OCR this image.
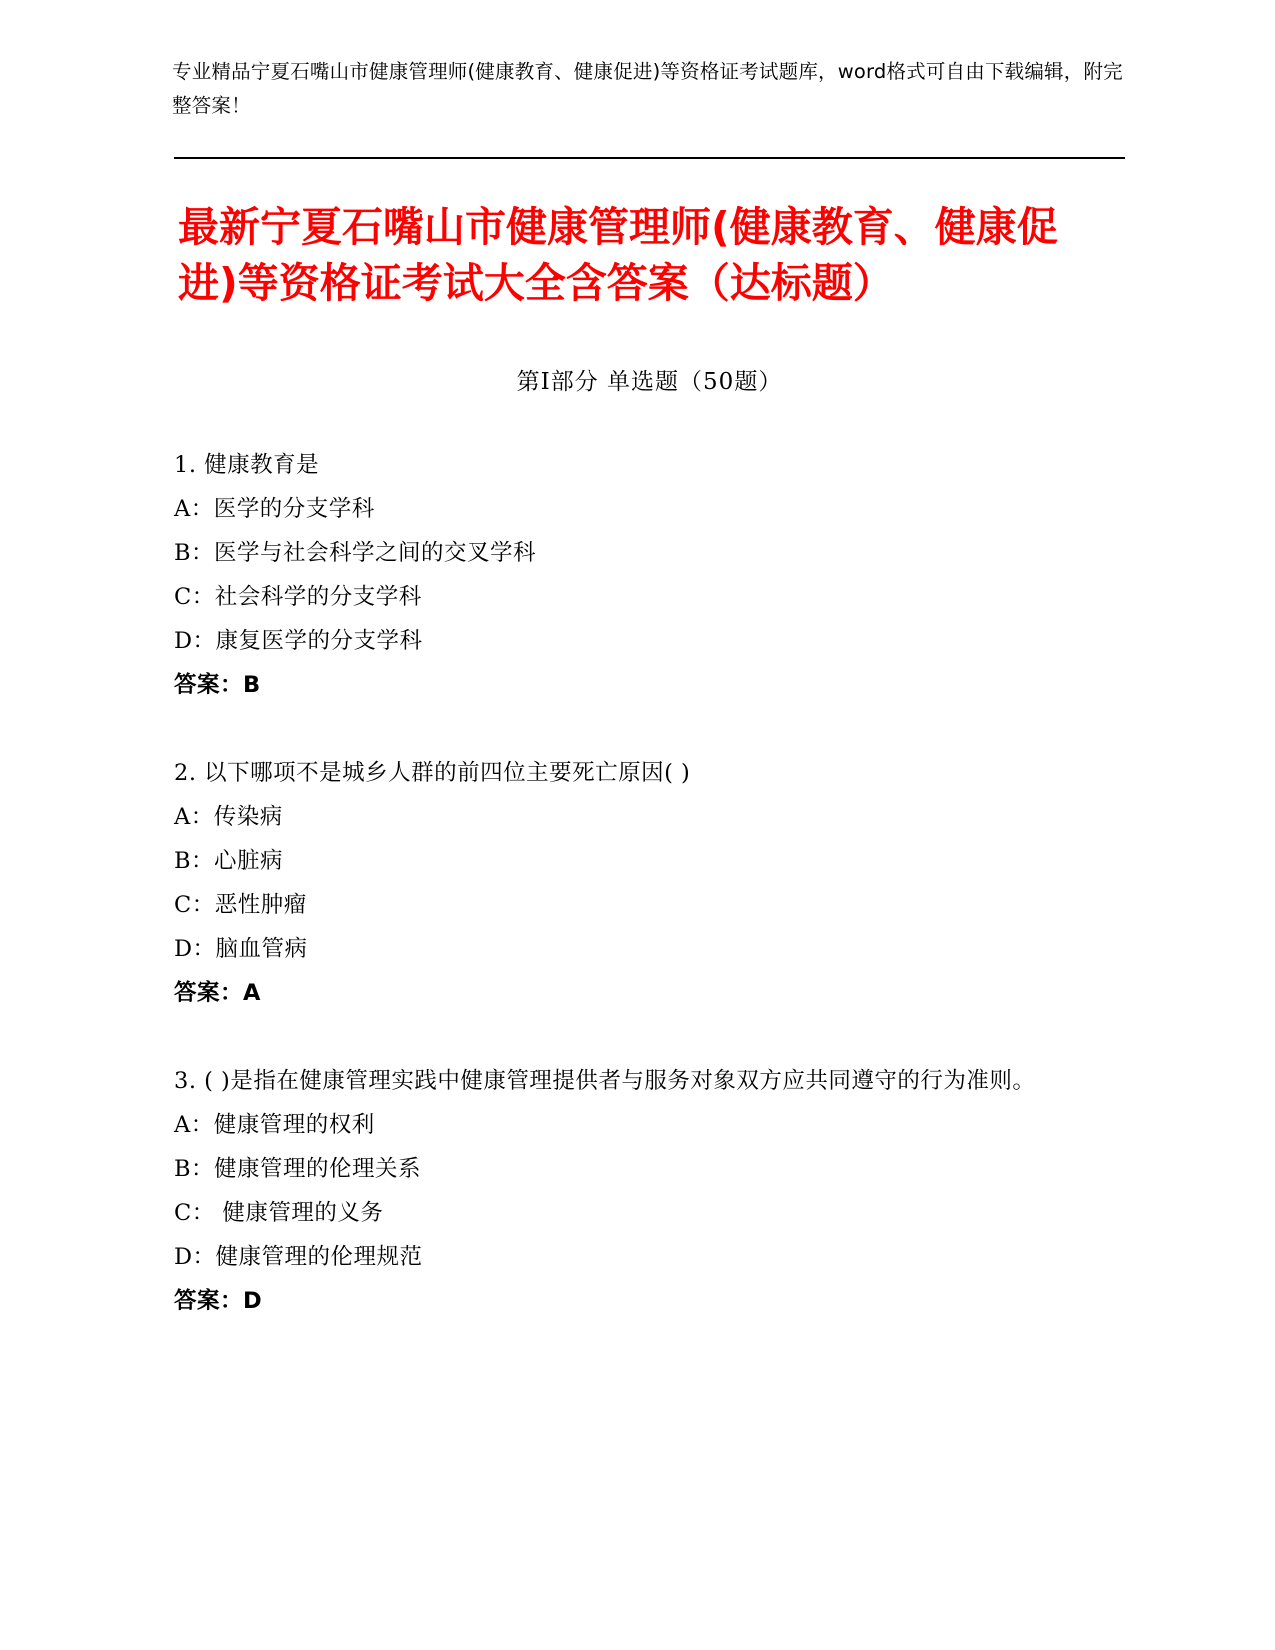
专业精品宁夏石嘴山市健康管理师(健康教育、健康促进)等资格证考试题库，word格式可自由下载编辑，附完整答案！
最新宁夏石嘴山市健康管理师(健康教育、健康促进)等资格证考试大全含答案（达标题）
第Ⅰ部分 单选题（50题）

1. 健康教育是

A：医学的分支学科

B：医学与社会科学之间的交叉学科

C：社会科学的分支学科

D：康复医学的分支学科

答案：B

2. 以下哪项不是城乡人群的前四位主要死亡原因( )

A：传染病

B：心脏病

C：恶性肿瘤

D：脑血管病

答案：A

3. ( )是指在健康管理实践中健康管理提供者与服务对象双方应共同遵守的行为准则。

A：健康管理的权利

B：健康管理的伦理关系

C： 健康管理的义务

D：健康管理的伦理规范

答案：D
